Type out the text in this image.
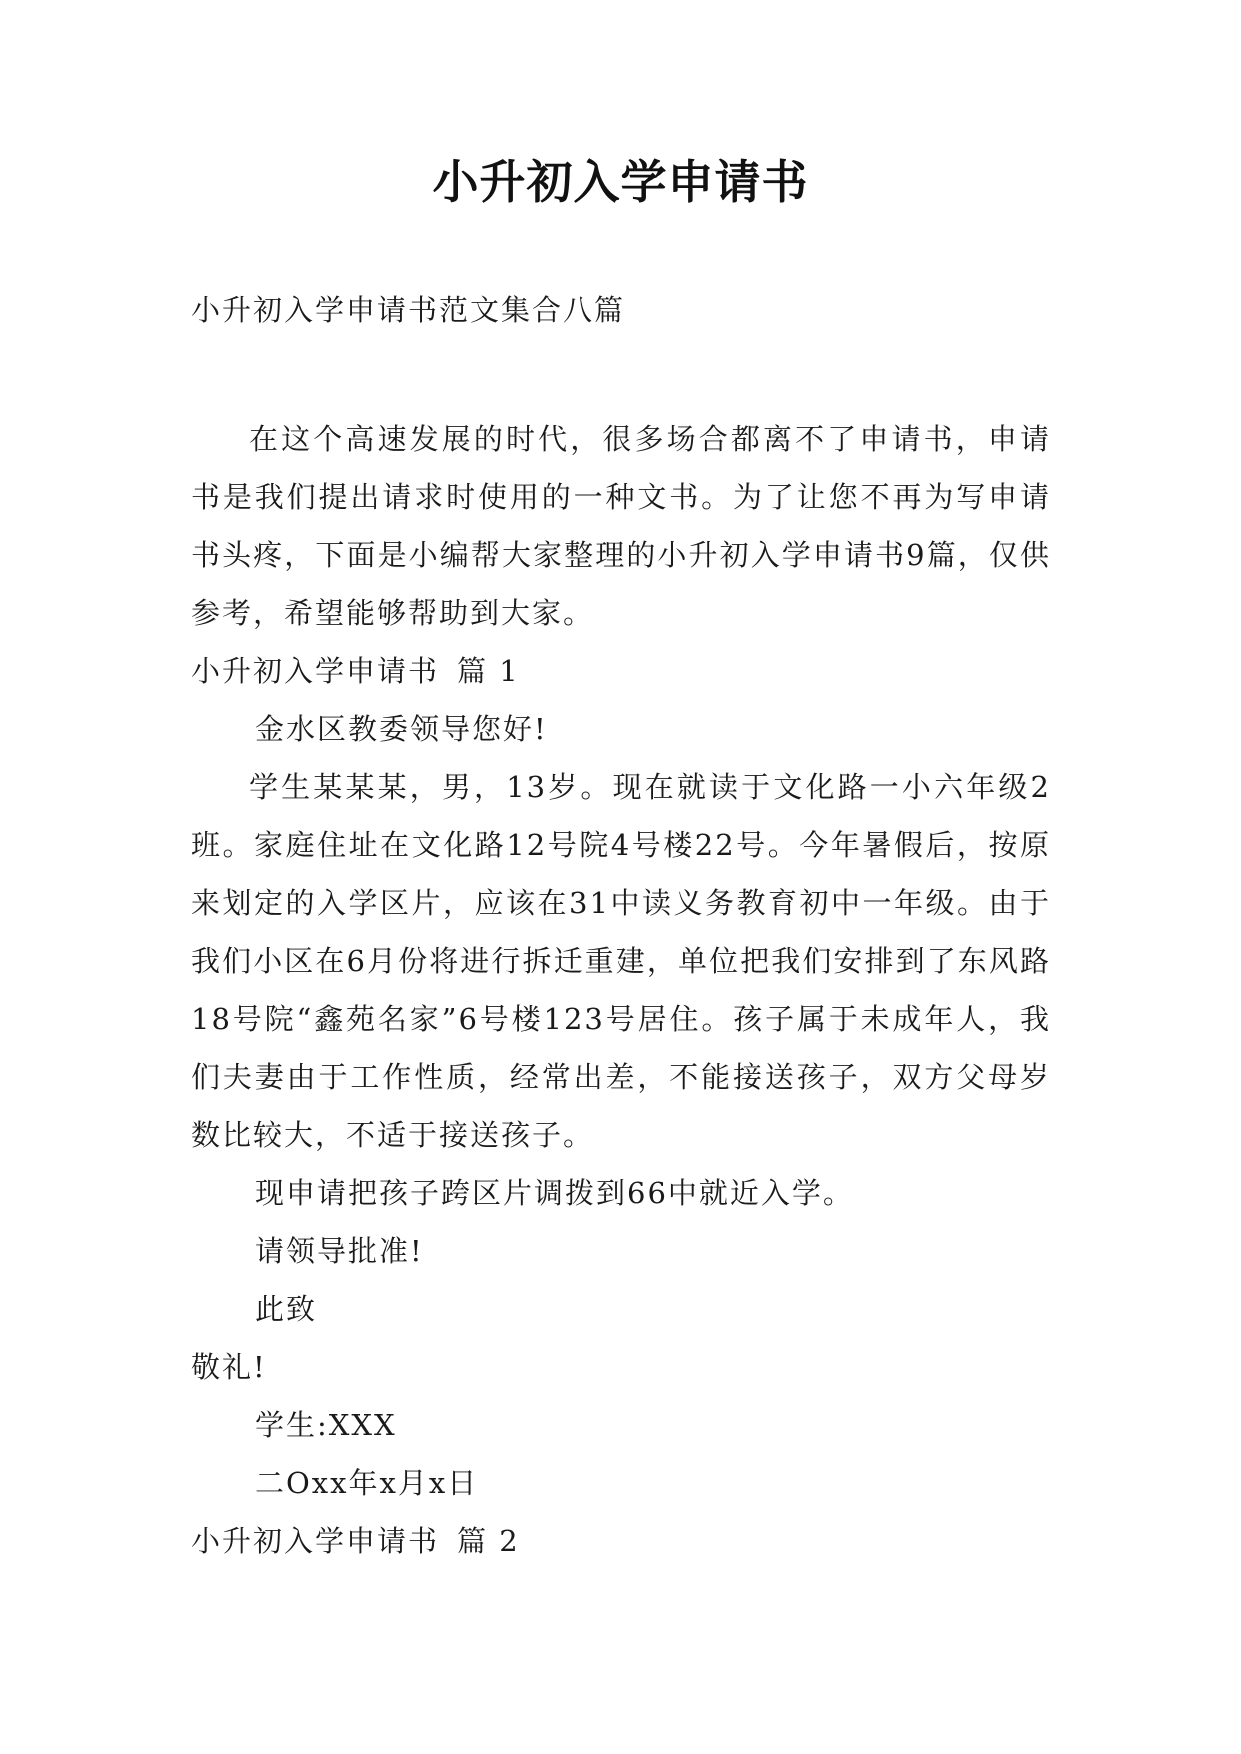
小升初入学申请书
小升初入学申请书范文集合八篇

在这个高速发展的时代，很多场合都离不了申请书，申请书是我们提出请求时使用的一种文书。为了让您不再为写申请书头疼，下面是小编帮大家整理的小升初入学申请书9篇，仅供参考，希望能够帮助到大家。

小升初入学申请书 篇 1

金水区教委领导您好!

学生某某某，男，13岁。现在就读于文化路一小六年级2班。家庭住址在文化路12号院4号楼22号。今年暑假后，按原来划定的入学区片，应该在31中读义务教育初中一年级。由于我们小区在6月份将进行拆迁重建，单位把我们安排到了东风路18号院“鑫苑名家”6号楼123号居住。孩子属于未成年人，我们夫妻由于工作性质，经常出差，不能接送孩子，双方父母岁数比较大，不适于接送孩子。

现申请把孩子跨区片调拨到66中就近入学。

请领导批准!

此致

敬礼!

学生:XXX

二Oxx年x月x日

小升初入学申请书 篇 2
